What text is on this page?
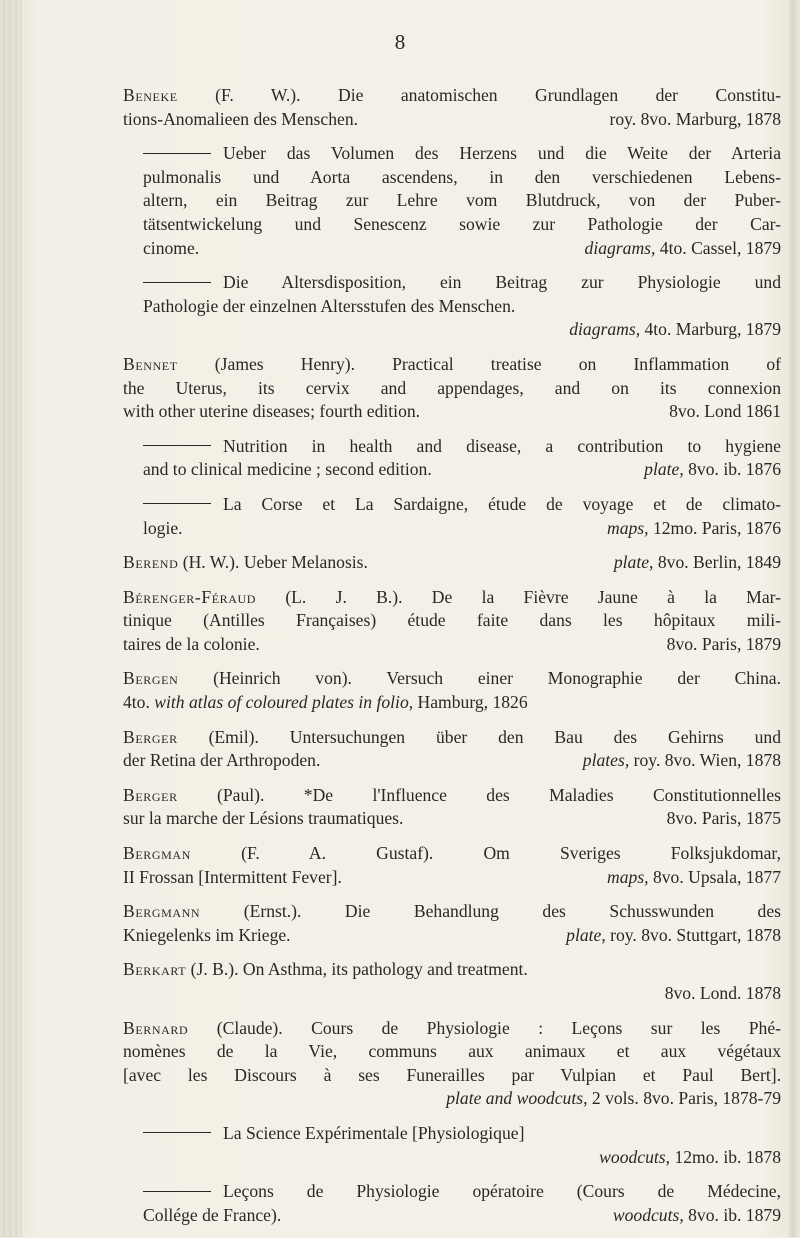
8
Beneke (F. W.). Die anatomischen Grundlagen der Constitu-
tions-Anomalieen des Menschen.	roy. 8vo. Marburg, 1878
Ueber das Volumen des Herzens und die Weite der Arteria
pulmonalis und Aorta ascendens, in den verschiedenen Lebens-
altern, ein Beitrag zur Lehre vom Blutdruck, von der Puber-
tätsentwickelung und Senescenz sowie zur Pathologie der Car-
cinome.	diagrams, 4to. Cassel, 1879
Die Altersdisposition, ein Beitrag zur Physiologie und
Pathologie der einzelnen Altersstufen des Menschen.
diagrams, 4to. Marburg, 1879
Bennet (James Henry). Practical treatise on Inflammation of
the Uterus, its cervix and appendages, and on its connexion
with other uterine diseases; fourth edition.	8vo. Lond 1861
Nutrition in health and disease, a contribution to hygiene
and to clinical medicine ; second edition.	plate, 8vo. ib. 1876
La Corse et La Sardaigne, étude de voyage et de climato-
logie.	maps, 12mo. Paris, 1876
Berend (H. W.). Ueber Melanosis.	plate, 8vo. Berlin, 1849
Bérenger-Féraud (L. J. B.). De la Fièvre Jaune à la Mar-
tinique (Antilles Françaises) étude faite dans les hôpitaux mili-
taires de la colonie.	8vo. Paris, 1879
Bergen (Heinrich von). Versuch einer Monographie der China.
4to. with atlas of coloured plates in folio, Hamburg, 1826
Berger (Emil). Untersuchungen über den Bau des Gehirns und
der Retina der Arthropoden.	plates, roy. 8vo. Wien, 1878
Berger (Paul). *De l'Influence des Maladies Constitutionnelles
sur la marche der Lésions traumatiques.	8vo. Paris, 1875
Bergman (F. A. Gustaf). Om Sveriges Folksjukdomar,
II Frossan [Intermittent Fever].	maps, 8vo. Upsala, 1877
Bergmann (Ernst.). Die Behandlung des Schusswunden des
Kniegelenks im Kriege.	plate, roy. 8vo. Stuttgart, 1878
Berkart (J. B.). On Asthma, its pathology and treatment.
8vo. Lond. 1878
Bernard (Claude). Cours de Physiologie : Leçons sur les Phé-
nomènes de la Vie, communs aux animaux et aux végétaux
[avec les Discours à ses Funerailles par Vulpian et Paul Bert].
plate and woodcuts, 2 vols. 8vo. Paris, 1878-79
La Science Expérimentale [Physiologique]
woodcuts, 12mo. ib. 1878
Leçons de Physiologie opératoire (Cours de Médecine,
Collége de France).	woodcuts, 8vo. ib. 1879
